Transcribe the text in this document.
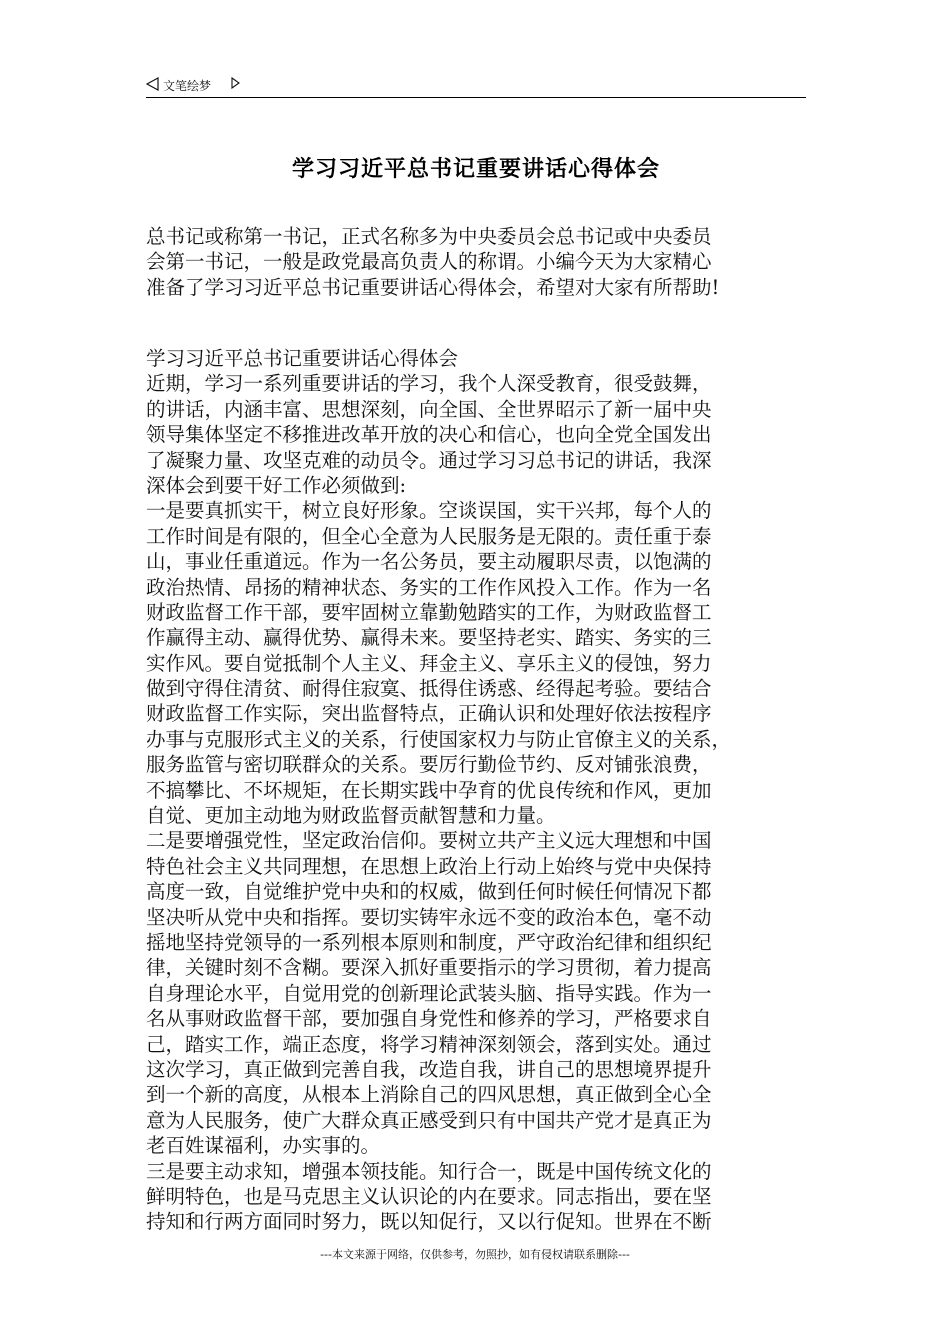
文笔绘梦
学习习近平总书记重要讲话心得体会
总书记或称第一书记，正式名称多为中央委员会总书记或中央委员
会第一书记，一般是政党最高负责人的称谓。小编今天为大家精心
准备了学习习近平总书记重要讲话心得体会，希望对大家有所帮助!
学习习近平总书记重要讲话心得体会
近期，学习一系列重要讲话的学习，我个人深受教育，很受鼓舞，
的讲话，内涵丰富、思想深刻，向全国、全世界昭示了新一届中央
领导集体坚定不移推进改革开放的决心和信心，也向全党全国发出
了凝聚力量、攻坚克难的动员令。通过学习习总书记的讲话，我深
深体会到要干好工作必须做到:
一是要真抓实干，树立良好形象。空谈误国，实干兴邦，每个人的
工作时间是有限的，但全心全意为人民服务是无限的。责任重于泰
山，事业任重道远。作为一名公务员，要主动履职尽责，以饱满的
政治热情、昂扬的精神状态、务实的工作作风投入工作。作为一名
财政监督工作干部，要牢固树立靠勤勉踏实的工作，为财政监督工
作赢得主动、赢得优势、赢得未来。要坚持老实、踏实、务实的三
实作风。要自觉抵制个人主义、拜金主义、享乐主义的侵蚀，努力
做到守得住清贫、耐得住寂寞、抵得住诱惑、经得起考验。要结合
财政监督工作实际，突出监督特点，正确认识和处理好依法按程序
办事与克服形式主义的关系，行使国家权力与防止官僚主义的关系，
服务监管与密切联群众的关系。要厉行勤俭节约、反对铺张浪费，
不搞攀比、不坏规矩，在长期实践中孕育的优良传统和作风，更加
自觉、更加主动地为财政监督贡献智慧和力量。
二是要增强党性，坚定政治信仰。要树立共产主义远大理想和中国
特色社会主义共同理想，在思想上政治上行动上始终与党中央保持
高度一致，自觉维护党中央和的权威，做到任何时候任何情况下都
坚决听从党中央和指挥。要切实铸牢永远不变的政治本色，毫不动
摇地坚持党领导的一系列根本原则和制度，严守政治纪律和组织纪
律，关键时刻不含糊。要深入抓好重要指示的学习贯彻，着力提高
自身理论水平，自觉用党的创新理论武装头脑、指导实践。作为一
名从事财政监督干部，要加强自身党性和修养的学习，严格要求自
己，踏实工作，端正态度，将学习精神深刻领会，落到实处。通过
这次学习，真正做到完善自我，改造自我，讲自己的思想境界提升
到一个新的高度，从根本上消除自己的四风思想，真正做到全心全
意为人民服务，使广大群众真正感受到只有中国共产党才是真正为
老百姓谋福利，办实事的。
三是要主动求知，增强本领技能。知行合一，既是中国传统文化的
鲜明特色，也是马克思主义认识论的内在要求。同志指出，要在坚
持知和行两方面同时努力，既以知促行，又以行促知。世界在不断
---本文来源于网络，仅供参考，勿照抄，如有侵权请联系删除---
